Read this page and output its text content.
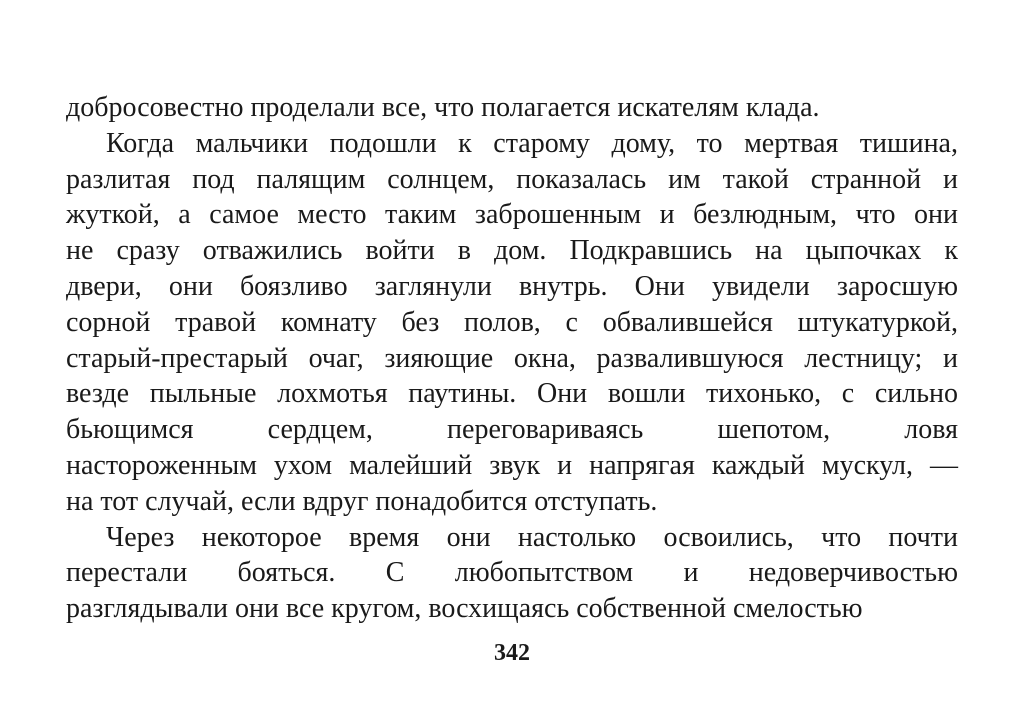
добросовестно проделали все, что полагается искателям клада.
Когда мальчики подошли к старому дому, то мертвая тишина,
разлитая под палящим солнцем, показалась им такой странной и
жуткой, а самое место таким заброшенным и безлюдным, что они
не сразу отважились войти в дом. Подкравшись на цыпочках к
двери, они боязливо заглянули внутрь. Они увидели заросшую
сорной травой комнату без полов, с обвалившейся штукатуркой,
старый-престарый очаг, зияющие окна, развалившуюся лестницу; и
везде пыльные лохмотья паутины. Они вошли тихонько, с сильно
бьющимся сердцем, переговариваясь шепотом, ловя
настороженным ухом малейший звук и напрягая каждый мускул, —
на тот случай, если вдруг понадобится отступать.
Через некоторое время они настолько освоились, что почти
перестали бояться. С любопытством и недоверчивостью
разглядывали они все кругом, восхищаясь собственной смелостью
342
